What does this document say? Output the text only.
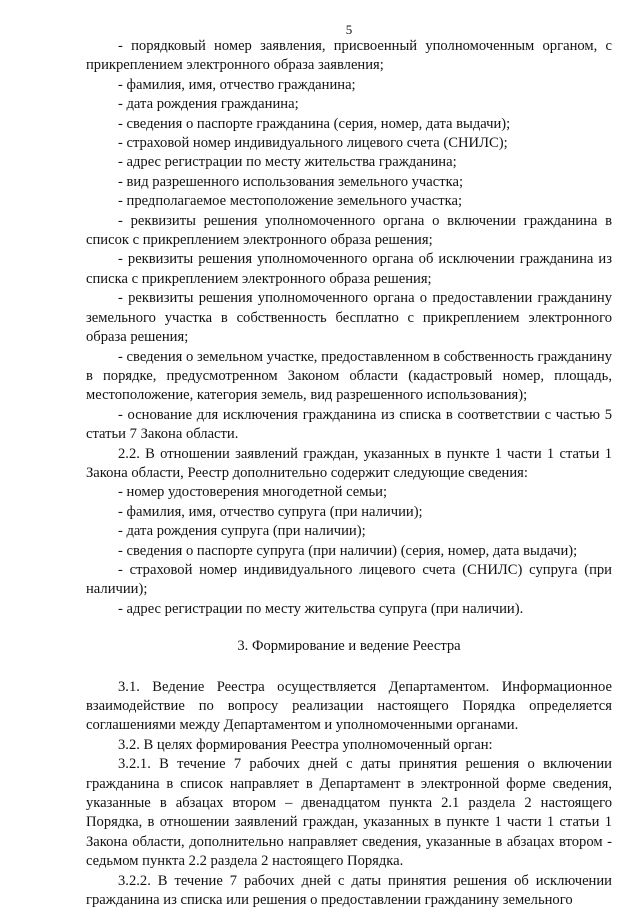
5

- порядковый номер заявления, присвоенный уполномоченным органом, с прикреплением электронного образа заявления;

- фамилия, имя, отчество гражданина;

- дата рождения гражданина;

- сведения о паспорте гражданина (серия, номер, дата выдачи);

- страховой номер индивидуального лицевого счета (СНИЛС);

- адрес регистрации по месту жительства гражданина;

- вид разрешенного использования земельного участка;

- предполагаемое местоположение земельного участка;

- реквизиты решения уполномоченного органа о включении гражданина в список с прикреплением электронного образа решения;

- реквизиты решения уполномоченного органа об исключении гражданина из списка с прикреплением электронного образа решения;

- реквизиты решения уполномоченного органа о предоставлении гражданину земельного участка в собственность бесплатно с прикреплением электронного образа решения;

- сведения о земельном участке, предоставленном в собственность гражданину в порядке, предусмотренном Законом области (кадастровый номер, площадь, местоположение, категория земель, вид разрешенного использования);

- основание для исключения гражданина из списка в соответствии с частью 5 статьи 7 Закона области.

2.2. В отношении заявлений граждан, указанных в пункте 1 части 1 статьи 1 Закона области, Реестр дополнительно содержит следующие сведения:

- номер удостоверения многодетной семьи;

- фамилия, имя, отчество супруга (при наличии);

- дата рождения супруга (при наличии);

- сведения о паспорте супруга (при наличии) (серия, номер, дата выдачи);

- страховой номер индивидуального лицевого счета (СНИЛС) супруга (при наличии);

- адрес регистрации по месту жительства супруга (при наличии).

3. Формирование и ведение Реестра

3.1. Ведение Реестра осуществляется Департаментом. Информационное взаимодействие по вопросу реализации настоящего Порядка определяется соглашениями между Департаментом и уполномоченными органами.

3.2. В целях формирования Реестра уполномоченный орган:

3.2.1. В течение 7 рабочих дней с даты принятия решения о включении гражданина в список направляет в Департамент в электронной форме сведения, указанные в абзацах втором – двенадцатом пункта 2.1 раздела 2 настоящего Порядка, в отношении заявлений граждан, указанных в пункте 1 части 1 статьи 1 Закона области, дополнительно направляет сведения, указанные в абзацах втором - седьмом пункта 2.2 раздела 2 настоящего Порядка.

3.2.2. В течение 7 рабочих дней с даты принятия решения об исключении гражданина из списка или решения о предоставлении гражданину земельного
